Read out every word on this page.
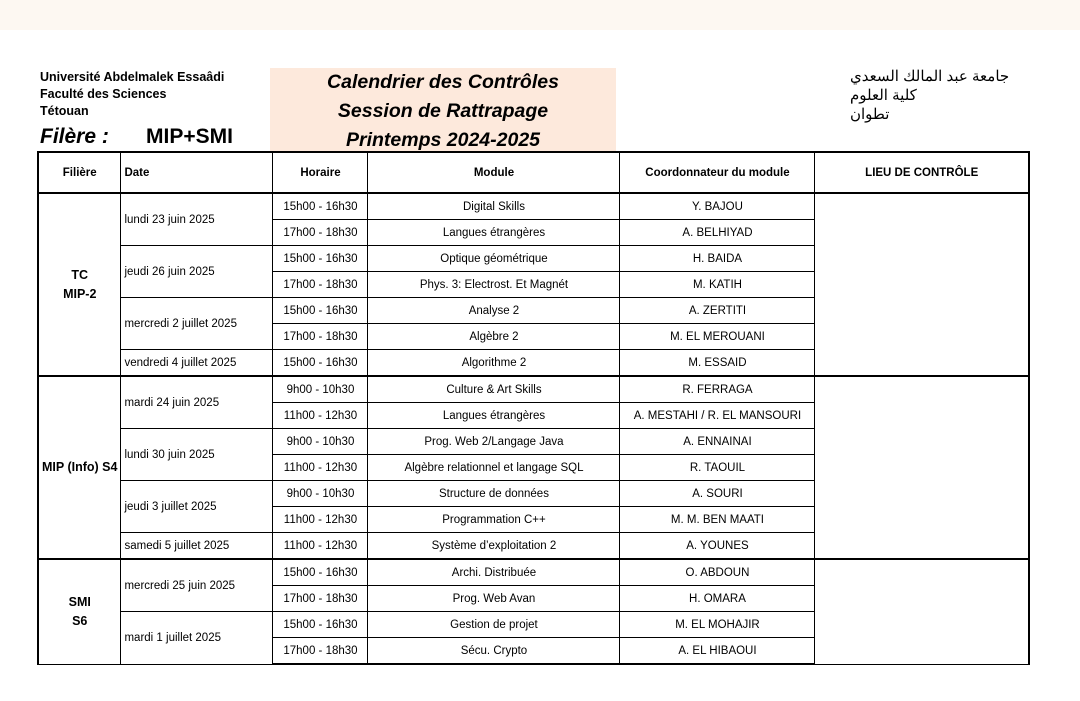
Université Abdelmalek Essaâdi
Faculté des Sciences
Tétouan
Filère : MIP+SMI
Calendrier des Contrôles
Session de Rattrapage
Printemps 2024-2025
جامعة عبد المالك السعدي
كلية العلوم
تطوان
Filière	Date	Horaire	Module	Coordonnateur du module	LIEU DE CONTRÔLE
TC
MIP-2	lundi 23 juin 2025	15h00 - 16h30	Digital Skills	Y. BAJOU	
		17h00 - 18h30	Langues étrangères	A. BELHIYAD	
	jeudi 26 juin 2025	15h00 - 16h30	Optique géométrique	H. BAIDA	
		17h00 - 18h30	Phys. 3: Electrost. Et Magnét	M. KATIH	
	mercredi 2 juillet 2025	15h00 - 16h30	Analyse 2	A. ZERTITI	
		17h00 - 18h30	Algèbre 2	M. EL MEROUANI	
	vendredi 4 juillet 2025	15h00 - 16h30	Algorithme 2	M. ESSAID	
MIP (Info) S4	mardi 24 juin 2025	9h00 - 10h30	Culture & Art Skills	R. FERRAGA	
		11h00 - 12h30	Langues étrangères	A. MESTAHI / R. EL MANSOURI	
	lundi 30 juin 2025	9h00 - 10h30	Prog. Web 2/Langage Java	A. ENNAINAI	
		11h00 - 12h30	Algèbre relationnel et langage SQL	R. TAOUIL	
	jeudi 3 juillet 2025	9h00 - 10h30	Structure de données	A. SOURI	
		11h00 - 12h30	Programmation C++	M. M. BEN MAATI	
	samedi 5 juillet 2025	11h00 - 12h30	Système d’exploitation 2	A. YOUNES	
SMI
S6	mercredi 25 juin 2025	15h00 - 16h30	Archi. Distribuée	O. ABDOUN	
		17h00 - 18h30	Prog. Web Avan	H. OMARA	
	mardi 1 juillet 2025	15h00 - 16h30	Gestion de projet	M. EL MOHAJIR	
		17h00 - 18h30	Sécu. Crypto	A. EL HIBAOUI	
